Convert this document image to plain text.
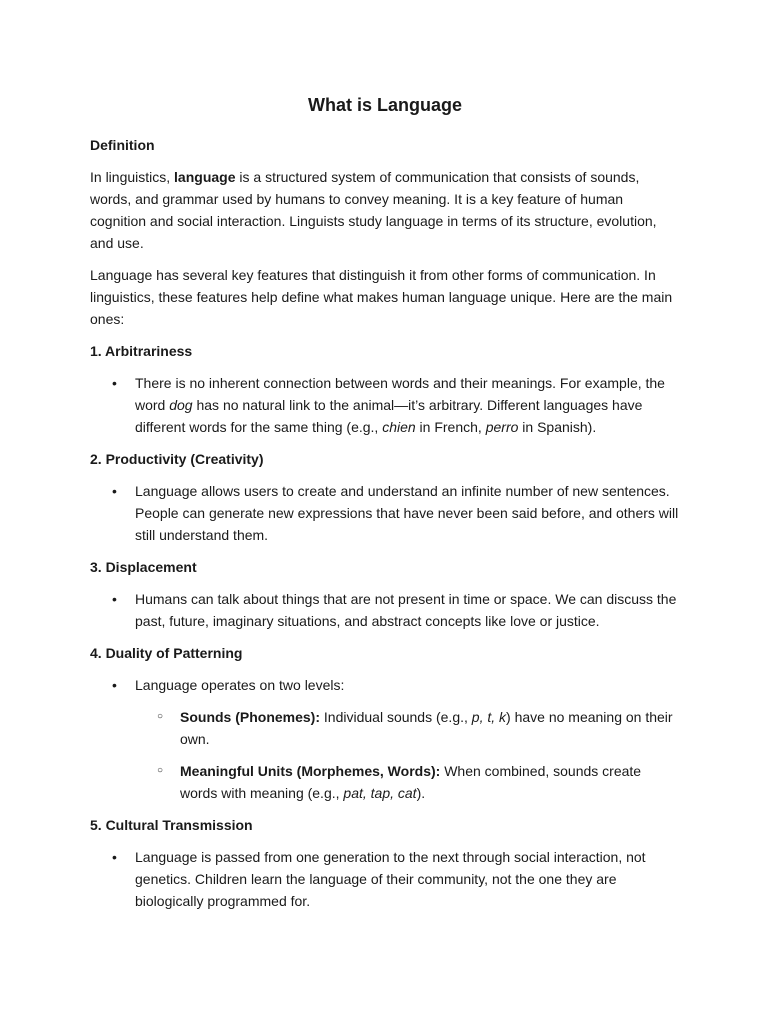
What is Language
Definition

In linguistics, language is a structured system of communication that consists of sounds, words, and grammar used by humans to convey meaning. It is a key feature of human cognition and social interaction. Linguists study language in terms of its structure, evolution, and use.

Language has several key features that distinguish it from other forms of communication. In linguistics, these features help define what makes human language unique. Here are the main ones:

1. Arbitrariness
• There is no inherent connection between words and their meanings. For example, the word dog has no natural link to the animal—it’s arbitrary. Different languages have different words for the same thing (e.g., chien in French, perro in Spanish).
2. Productivity (Creativity)
• Language allows users to create and understand an infinite number of new sentences. People can generate new expressions that have never been said before, and others will still understand them.
3. Displacement
• Humans can talk about things that are not present in time or space. We can discuss the past, future, imaginary situations, and abstract concepts like love or justice.
4. Duality of Patterning
• Language operates on two levels:
○ Sounds (Phonemes): Individual sounds (e.g., p, t, k) have no meaning on their own.
○ Meaningful Units (Morphemes, Words): When combined, sounds create words with meaning (e.g., pat, tap, cat).
5. Cultural Transmission
• Language is passed from one generation to the next through social interaction, not genetics. Children learn the language of their community, not the one they are biologically programmed for.
